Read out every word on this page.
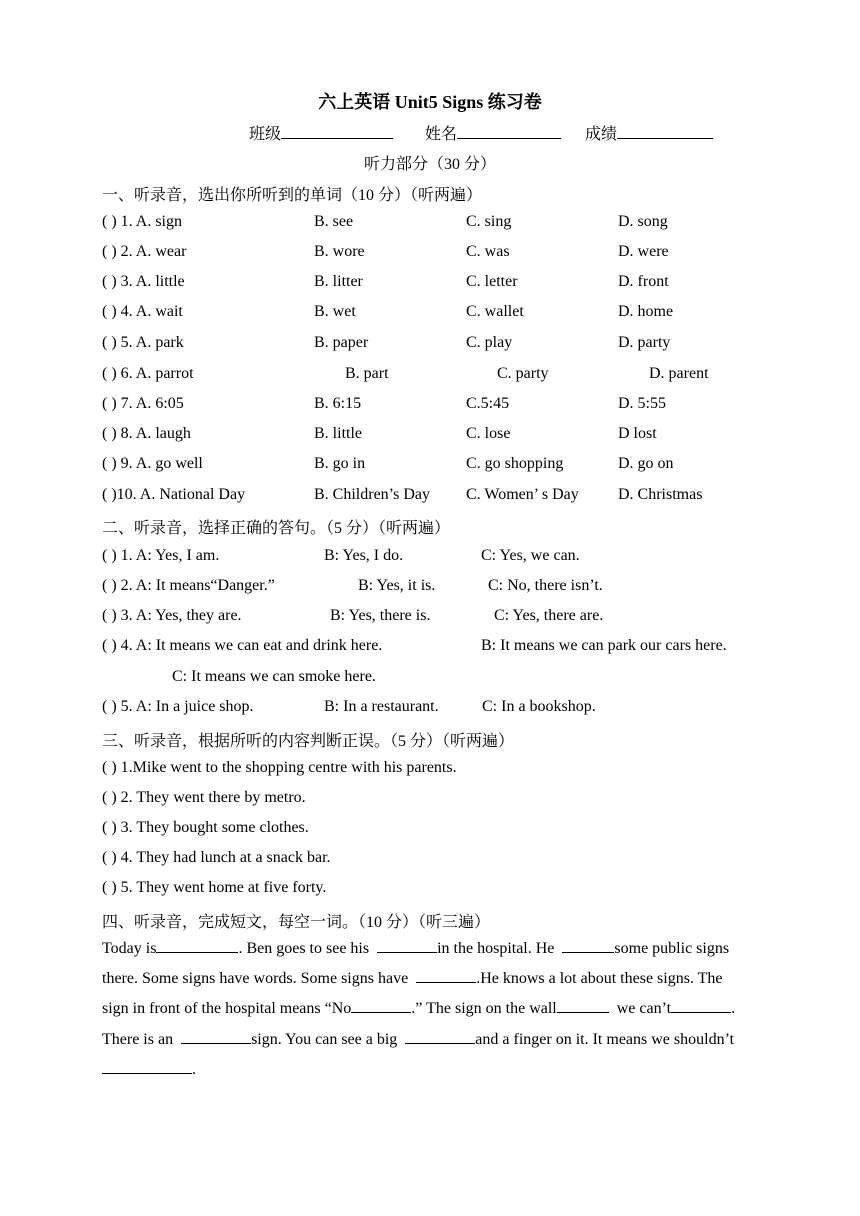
六上英语 Unit5 Signs 练习卷
班级	姓名	成绩
听力部分（30 分）
一、听录音，选出你所听到的单词（10 分）（听两遍）
( ) 1. A. sign	B. see	C. sing	D. song
( ) 2. A. wear	B. wore	C. was	D. were
( ) 3. A. little	B. litter	C. letter	D. front
( ) 4. A. wait	B. wet	C. wallet	D. home
( ) 5. A. park	B. paper	C. play	D. party
( ) 6. A. parrot	B. part	C. party	D. parent
( ) 7. A. 6:05	B. 6:15	C.5:45	D. 5:55
( ) 8. A. laugh	B. little	C. lose	D lost
( ) 9. A. go well	B. go in	C. go shopping	D. go on
( )10. A. National Day	B. Children’s Day C. Women’ s Day D. Christmas
二、听录音，选择正确的答句。（5 分）（听两遍）
( ) 1. A: Yes, I am.	B: Yes, I do.	C: Yes, we can.
( ) 2. A: It means“Danger.”	B: Yes, it is.	C: No, there isn’t.
( ) 3. A: Yes, they are.	B: Yes, there is.	C: Yes, there are.
( ) 4. A: It means we can eat and drink here.	B: It means we can park our cars here.
C: It means we can smoke here.
( ) 5. A: In a juice shop.	B: In a restaurant.	C: In a bookshop.
三、听录音，根据所听的内容判断正误。（5 分）（听两遍）
( ) 1.Mike went to the shopping centre with his parents.
( ) 2. They went there by metro.
( ) 3. They bought some clothes.
( ) 4. They had lunch at a snack bar.
( ) 5. They went home at five forty.
四、听录音，完成短文，每空一词。（10 分）（听三遍）
Today is	. Ben goes to see his	in the hospital. He	some public signs there. Some signs have words. Some signs have	.He knows a lot about these signs. The sign in front of the hospital means “No	.” The sign on the wall	we can’t	. There is an	sign. You can see a big	and a finger on it. It means we shouldn’t  .
